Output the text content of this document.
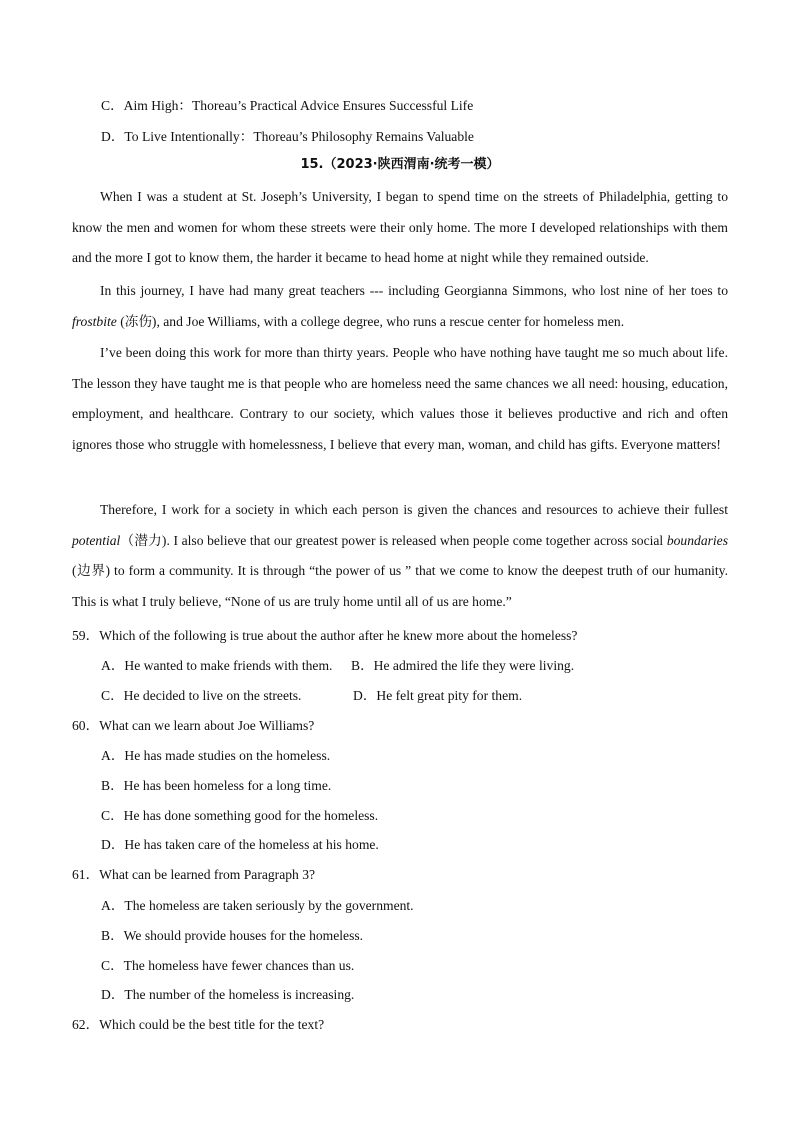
C．Aim High：Thoreau’s Practical Advice Ensures Successful Life
D．To Live Intentionally：Thoreau’s Philosophy Remains Valuable
15.（2023·陕西渭南·统考一模）

When I was a student at St. Joseph’s University, I began to spend time on the streets of Philadelphia, getting to know the men and women for whom these streets were their only home. The more I developed relationships with them and the more I got to know them, the harder it became to head home at night while they remained outside.

In this journey, I have had many great teachers --- including Georgianna Simmons, who lost nine of her toes to frostbite (冻伤), and Joe Williams, with a college degree, who runs a rescue center for homeless men.

I’ve been doing this work for more than thirty years. People who have nothing have taught me so much about life. The lesson they have taught me is that people who are homeless need the same chances we all need: housing, education, employment, and healthcare. Contrary to our society, which values those it believes productive and rich and often ignores those who struggle with homelessness, I believe that every man, woman, and child has gifts. Everyone matters!

Therefore, I work for a society in which each person is given the chances and resources to achieve their fullest potential（潜力). I also believe that our greatest power is released when people come together across social boundaries (边界) to form a community. It is through “the power of us ” that we come to know the deepest truth of our humanity. This is what I truly believe, “None of us are truly home until all of us are home.”

59．Which of the following is true about the author after he knew more about the homeless?
A．He wanted to make friends with them. B．He admired the life they were living.
C．He decided to live on the streets.	D．He felt great pity for them.
60．What can we learn about Joe Williams?
A．He has made studies on the homeless.
B．He has been homeless for a long time.
C．He has done something good for the homeless.
D．He has taken care of the homeless at his home.
61．What can be learned from Paragraph 3?
A．The homeless are taken seriously by the government.
B．We should provide houses for the homeless.
C．The homeless have fewer chances than us.
D．The number of the homeless is increasing.
62．Which could be the best title for the text?
